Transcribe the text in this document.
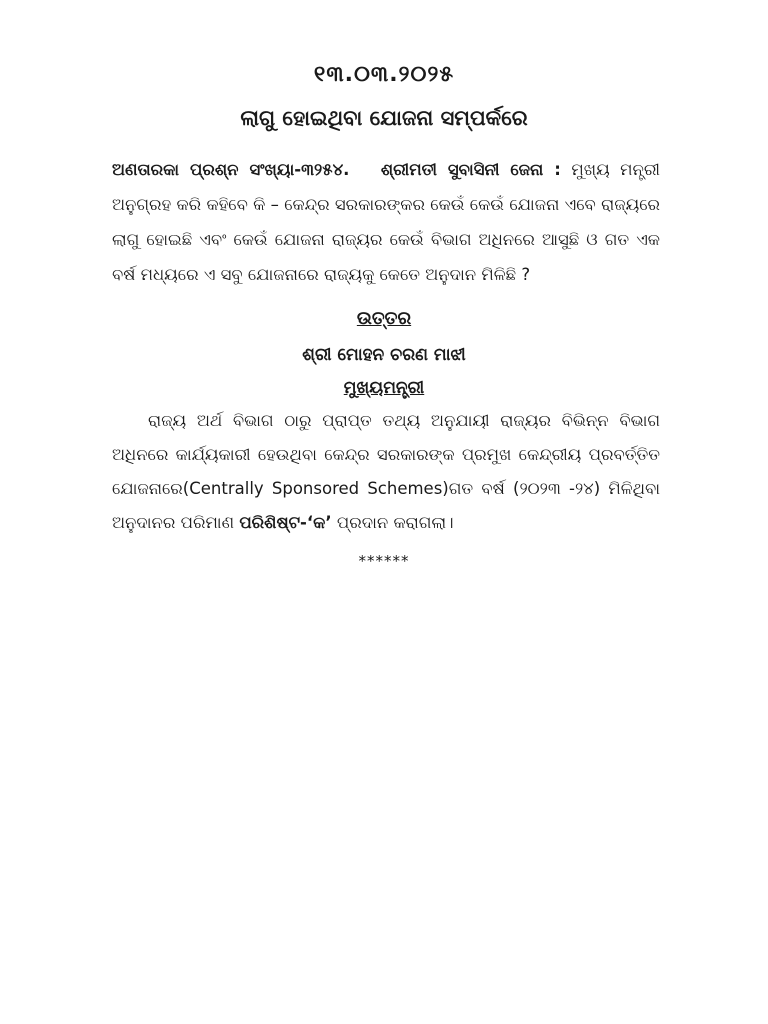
୧୩.୦୩.୨୦୨୫
ଲାଗୁ ହୋଇଥିବା ଯୋଜନା ସମ୍ପର୍କରେ
ଅଣତାରକା ପ୍ରଶ୍ନ ସଂଖ୍ୟା-୩୨୫୪. ଶ୍ରୀମତୀ ସୁବାସିନୀ ଜେନା : ମୁଖ୍ୟ ମନ୍ତ୍ରୀ ଅନୁଗ୍ରହ କରି କହିବେ କି – କେନ୍ଦ୍ର ସରକାରଙ୍କର କେଉଁ କେଉଁ ଯୋଜନା ଏବେ ରାଜ୍ୟରେ ଲାଗୁ ହୋଇଛି ଏବଂ କେଉଁ ଯୋଜନା ରାଜ୍ୟର କେଉଁ ବିଭାଗ ଅଧିନରେ ଆସୁଛି ଓ ଗତ ଏକ ବର୍ଷ ମଧ୍ୟରେ ଏ ସବୁ ଯୋଜନାରେ ରାଜ୍ୟକୁ କେତେ ଅନୁଦାନ ମିଳିଛି ?
ଉତ୍ତର
ଶ୍ରୀ ମୋହନ ଚରଣ ମାଝୀ
ମୁଖ୍ୟମନ୍ତ୍ରୀ
ରାଜ୍ୟ ଅର୍ଥ ବିଭାଗ ଠାରୁ ପ୍ରାପ୍ତ ତଥ୍ୟ ଅନୁଯାୟୀ ରାଜ୍ୟର ବିଭିନ୍ନ ବିଭାଗ ଅଧିନରେ କାର୍ଯ୍ୟକାରୀ ହେଉଥିବା କେନ୍ଦ୍ର ସରକାରଙ୍କ ପ୍ରମୁଖ କେନ୍ଦ୍ରୀୟ ପ୍ରବର୍ତ୍ତିତ ଯୋଜନାରେ(Centrally Sponsored Schemes)ଗତ ବର୍ଷ (୨୦୨୩ -୨୪) ମିଳିଥିବା ଅନୁଦାନର ପରିମାଣ ପରିଶିଷ୍ଟ-‘କ’ ପ୍ରଦାନ କରାଗଲା।
******
